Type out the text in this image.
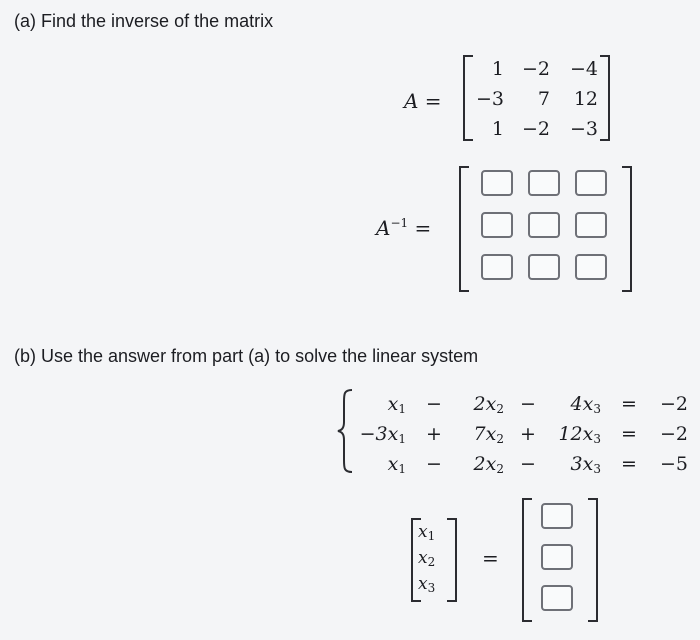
(a) Find the inverse of the matrix
A =
1 −2	−4
−3	7	12
1 −2	−3
$A^{-1}$ =
(b) Use the answer from part (a) to solve the linear system
$x_1$	−	$2x_2$ −	$4x_3$	=	−2
$-3x_1$	+	$7x_2$ +	$12x_3$	=	−2
$x_1$	−	$2x_2$ −	$3x_3$	=	−5
$x_1$
$x_2$
$x_3$
=
